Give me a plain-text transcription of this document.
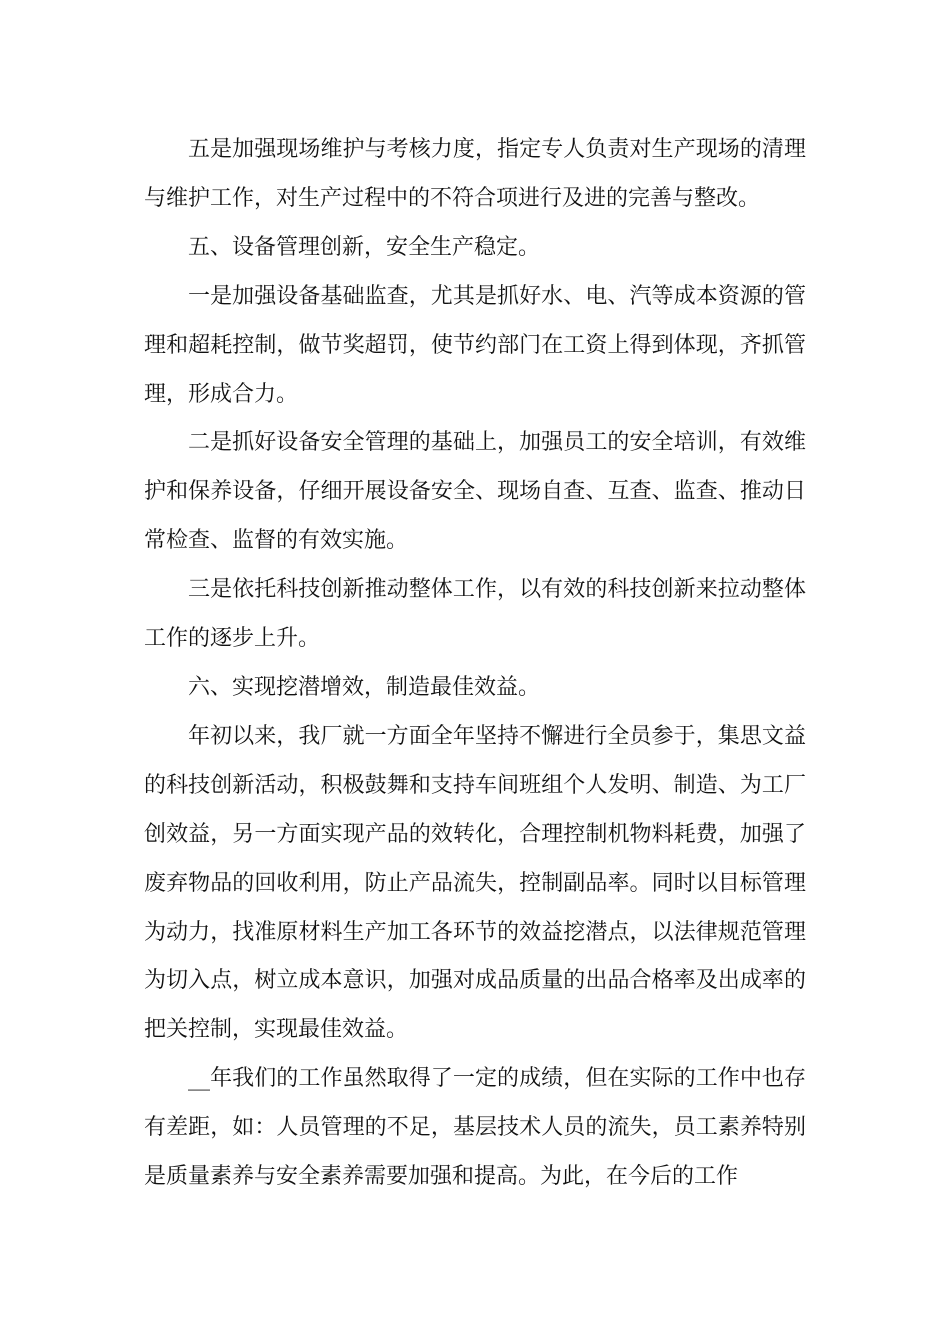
五是加强现场维护与考核力度，指定专人负责对生产现场的清理与维护工作，对生产过程中的不符合项进行及进的完善与整改。

五、设备管理创新，安全生产稳定。

一是加强设备基础监查，尤其是抓好水、电、汽等成本资源的管理和超耗控制，做节奖超罚，使节约部门在工资上得到体现，齐抓管理，形成合力。

二是抓好设备安全管理的基础上，加强员工的安全培训，有效维护和保养设备，仔细开展设备安全、现场自查、互查、监查、推动日常检查、监督的有效实施。

三是依托科技创新推动整体工作，以有效的科技创新来拉动整体工作的逐步上升。

六、实现挖潜增效，制造最佳效益。

年初以来，我厂就一方面全年坚持不懈进行全员参于，集思文益的科技创新活动，积极鼓舞和支持车间班组个人发明、制造、为工厂创效益，另一方面实现产品的效转化，合理控制机物料耗费，加强了废弃物品的回收利用，防止产品流失，控制副品率。同时以目标管理为动力，找准原材料生产加工各环节的效益挖潜点，以法律规范管理为切入点，树立成本意识，加强对成品质量的出品合格率及出成率的把关控制，实现最佳效益。

__年我们的工作虽然取得了一定的成绩，但在实际的工作中也存有差距，如：人员管理的不足，基层技术人员的流失，员工素养特别是质量素养与安全素养需要加强和提高。为此，在今后的工作
